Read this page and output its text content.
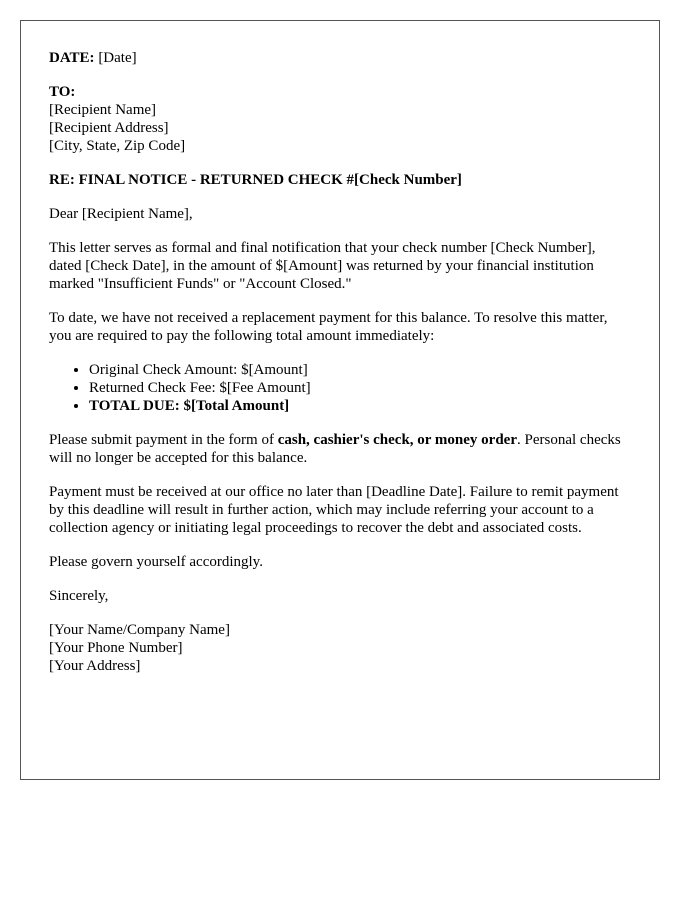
DATE: [Date]

TO:
[Recipient Name]
[Recipient Address]
[City, State, Zip Code]

RE: FINAL NOTICE - RETURNED CHECK #[Check Number]

Dear [Recipient Name],

This letter serves as formal and final notification that your check number [Check Number], dated [Check Date], in the amount of $[Amount] was returned by your financial institution marked "Insufficient Funds" or "Account Closed."

To date, we have not received a replacement payment for this balance. To resolve this matter, you are required to pay the following total amount immediately:

• Original Check Amount: $[Amount]
• Returned Check Fee: $[Fee Amount]
• TOTAL DUE: $[Total Amount]

Please submit payment in the form of cash, cashier's check, or money order. Personal checks will no longer be accepted for this balance.

Payment must be received at our office no later than [Deadline Date]. Failure to remit payment by this deadline will result in further action, which may include referring your account to a collection agency or initiating legal proceedings to recover the debt and associated costs.

Please govern yourself accordingly.

Sincerely,

[Your Name/Company Name]
[Your Phone Number]
[Your Address]
